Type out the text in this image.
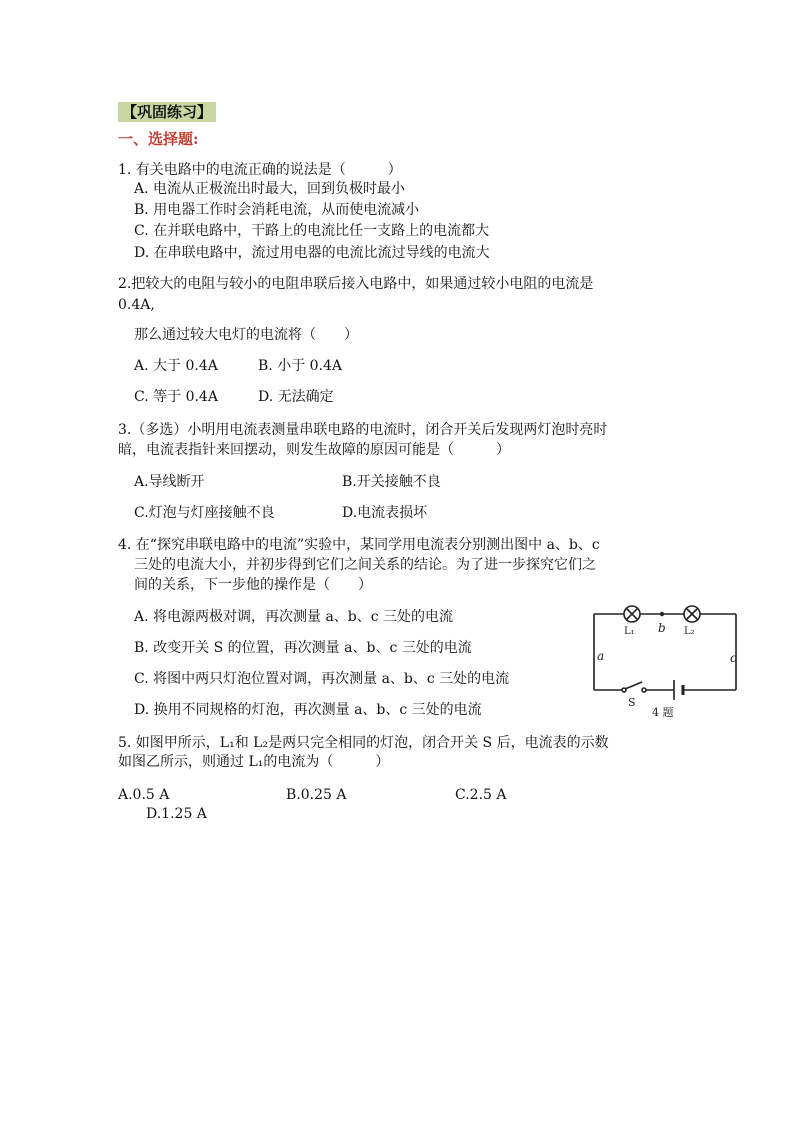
【巩固练习】
一、选择题:
1. 有关电路中的电流正确的说法是（　　　）
A. 电流从正极流出时最大，回到负极时最小
B. 用电器工作时会消耗电流，从而使电流减小
C. 在并联电路中，干路上的电流比任一支路上的电流都大
D. 在串联电路中，流过用电器的电流比流过导线的电流大
2.把较大的电阻与较小的电阻串联后接入电路中，如果通过较小电阻的电流是
0.4A,
那么通过较大电灯的电流将（　　）
A. 大于 0.4A	B. 小于 0.4A
C. 等于 0.4A	D. 无法确定
3.（多选）小明用电流表测量串联电路的电流时，闭合开关后发现两灯泡时亮时
暗，电流表指针来回摆动，则发生故障的原因可能是（　　　）
A.导线断开	B.开关接触不良
C.灯泡与灯座接触不良	D.电流表损坏
4. 在“探究串联电路中的电流”实验中，某同学用电流表分别测出图中 a、b、c
三处的电流大小，并初步得到它们之间关系的结论。为了进一步探究它们之
间的关系，下一步他的操作是（　　）
A. 将电源两极对调，再次测量 a、b、c 三处的电流
B. 改变开关 S 的位置，再次测量 a、b、c 三处的电流
C. 将图中两只灯泡位置对调，再次测量 a、b、c 三处的电流
D. 换用不同规格的灯泡，再次测量 a、b、c 三处的电流
a
b
c
L₁	L₂
S
4 题
5. 如图甲所示，L₁和 L₂是两只完全相同的灯泡，闭合开关 S 后，电流表的示数
如图乙所示，则通过 L₁的电流为（　　　）
A.0.5 A	B.0.25 A	C.2.5 A
D.1.25 A
